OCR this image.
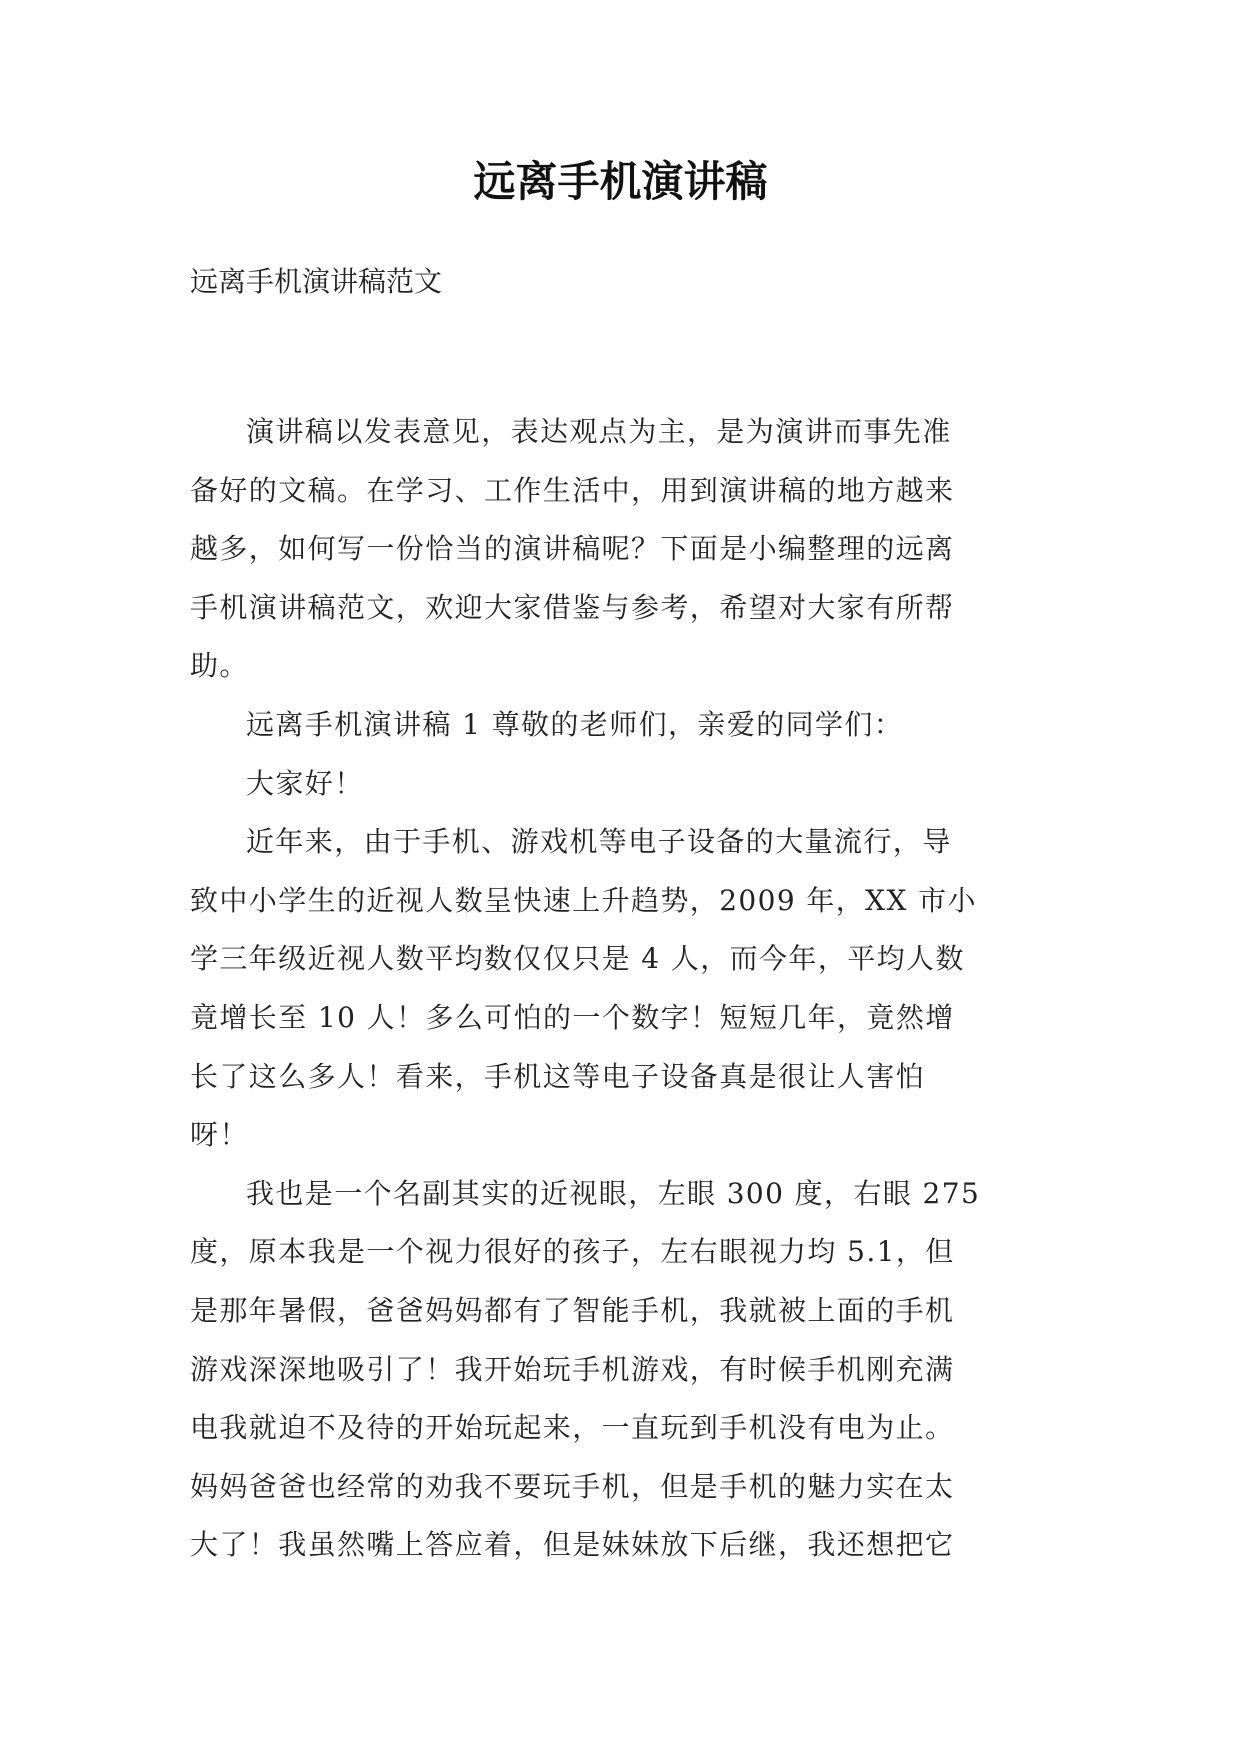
远离手机演讲稿

远离手机演讲稿范文

演讲稿以发表意见，表达观点为主，是为演讲而事先准
备好的文稿。在学习、工作生活中，用到演讲稿的地方越来
越多，如何写一份恰当的演讲稿呢？下面是小编整理的远离
手机演讲稿范文，欢迎大家借鉴与参考，希望对大家有所帮
助。

远离手机演讲稿 1 尊敬的老师们，亲爱的同学们：

大家好！

近年来，由于手机、游戏机等电子设备的大量流行，导
致中小学生的近视人数呈快速上升趋势，2009 年，XX 市小
学三年级近视人数平均数仅仅只是 4 人，而今年，平均人数
竟增长至 10 人！多么可怕的一个数字！短短几年，竟然增
长了这么多人！看来，手机这等电子设备真是很让人害怕
呀！

我也是一个名副其实的近视眼，左眼 300 度，右眼 275
度，原本我是一个视力很好的孩子，左右眼视力均 5.1，但
是那年暑假，爸爸妈妈都有了智能手机，我就被上面的手机
游戏深深地吸引了！我开始玩手机游戏，有时候手机刚充满
电我就迫不及待的开始玩起来，一直玩到手机没有电为止。
妈妈爸爸也经常的劝我不要玩手机，但是手机的魅力实在太
大了！我虽然嘴上答应着，但是妹妹放下后继，我还想把它
